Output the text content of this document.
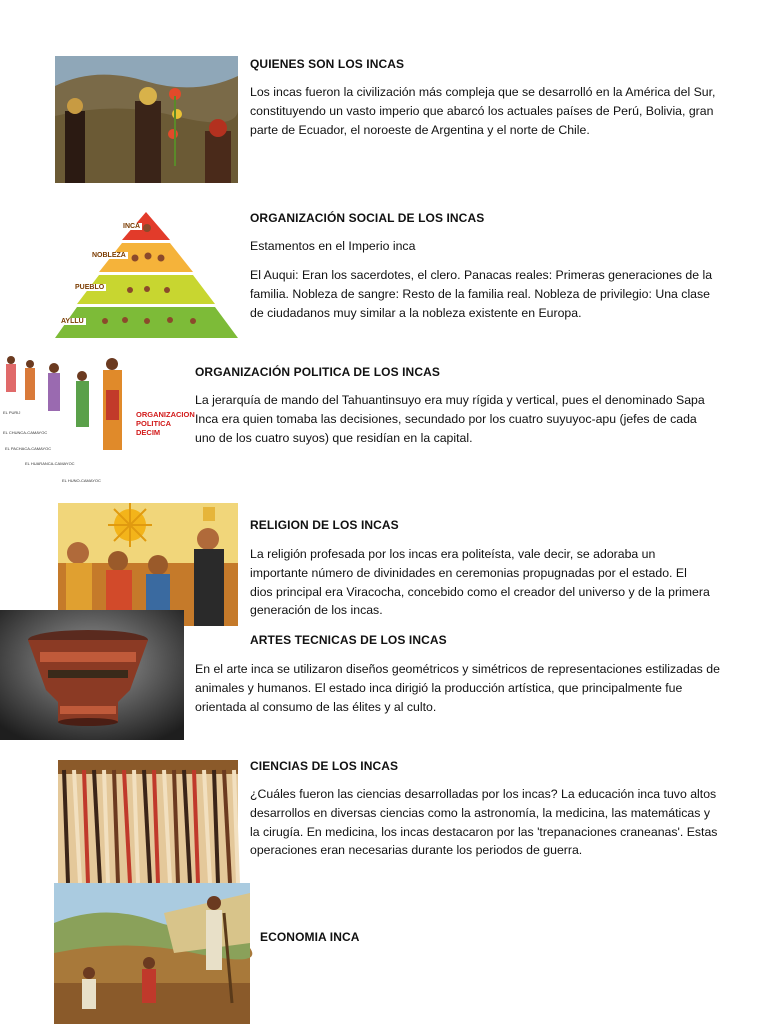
QUIENES SON LOS INCAS

Los incas fueron la civilización más compleja que se desarrolló en la América del Sur, constituyendo un vasto imperio que abarcó los actuales países de Perú, Bolivia, gran parte de Ecuador, el noroeste de Argentina y el norte de Chile.

INCA
NOBLEZA
PUEBLO
AYLLU
ORGANIZACIÓN SOCIAL DE LOS INCAS

Estamentos en el Imperio inca

El Auqui: Eran los sacerdotes, el clero. Panacas reales: Primeras generaciones de la familia. Nobleza de sangre: Resto de la familia real. Nobleza de privilegio: Una clase de ciudadanos muy similar a la nobleza existente en Europa.

ORGANIZACION POLITICA DECIM
EL PURIJ
EL CHUNCA-CAMAYOC
EL PACHACA-CAMAYOC
EL HUARANCA-CAMAYOC
EL HUNO-CAMAYOC
ORGANIZACIÓN POLITICA DE LOS INCAS

La jerarquía de mando del Tahuantinsuyo era muy rígida y vertical, pues el denominado Sapa Inca era quien tomaba las decisiones, secundado por los cuatro suyuyoc-apu (jefes de cada uno de los cuatro suyos) que residían en la capital.

RELIGION DE LOS INCAS

La religión profesada por los incas era politeísta, vale decir, se adoraba un importante número de divinidades en ceremonias propugnadas por el estado. El dios principal era Viracocha, concebido como el creador del universo y de la primera generación de los incas.

ARTES TECNICAS DE LOS INCAS

En el arte inca se utilizaron diseños geométricos y simétricos de representaciones estilizadas de animales y humanos. El estado inca dirigió la producción artística, que principalmente fue orientada al consumo de las élites y al culto.

CIENCIAS DE LOS INCAS

¿Cuáles fueron las ciencias desarrolladas por los incas? La educación inca tuvo altos desarrollos en diversas ciencias como la astronomía, la medicina, las matemáticas y la cirugía. En medicina, los incas destacaron por las 'trepanaciones craneanas'. Estas operaciones eran necesarias durante los periodos de guerra.

ECONOMIA INCA
